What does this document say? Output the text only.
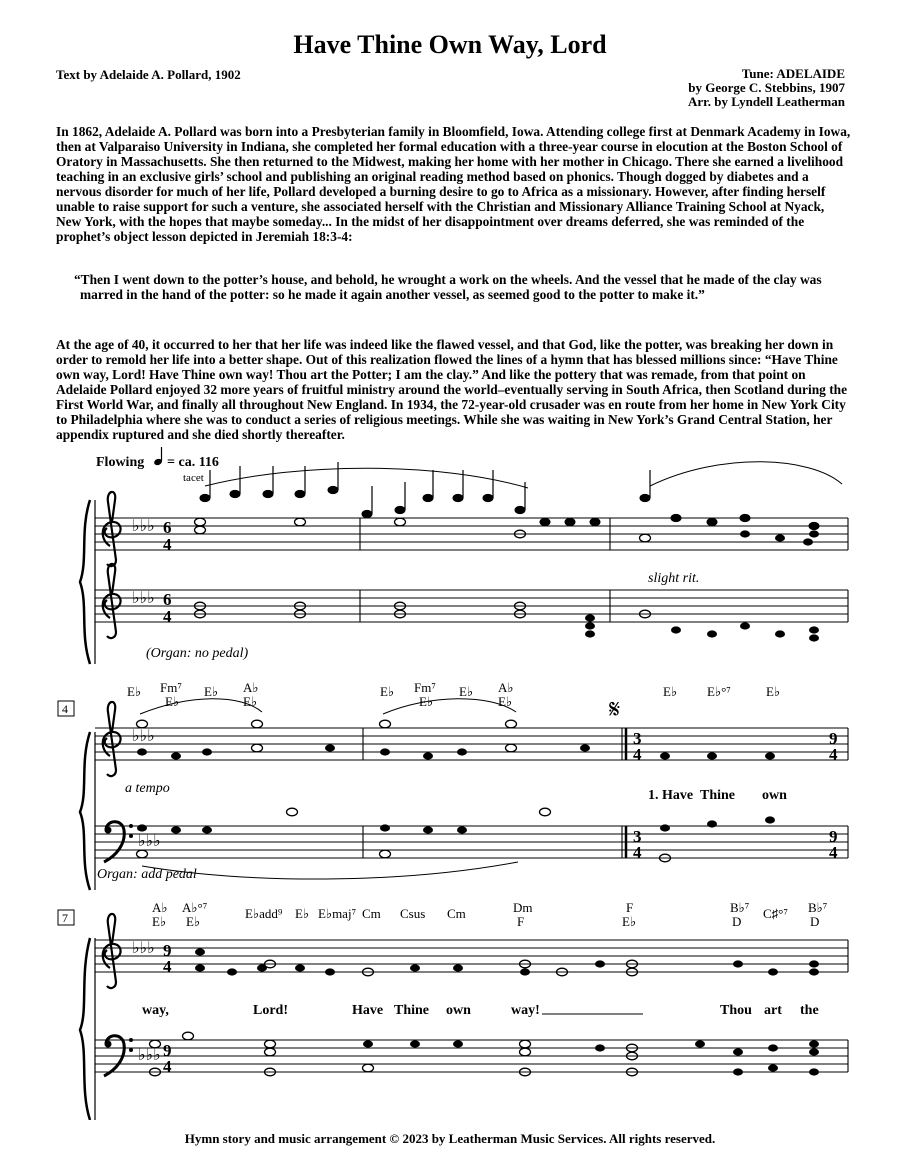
Have Thine Own Way, Lord
Text by Adelaide A. Pollard, 1902	Tune: ADELAIDE
by George C. Stebbins, 1907
Arr. by Lyndell Leatherman

In 1862, Adelaide A. Pollard was born into a Presbyterian family in Bloomfield, Iowa. Attending college first at Denmark Academy in Iowa, then at Valparaiso University in Indiana, she completed her formal education with a three-year course in elocution at the Boston School of Oratory in Massachusetts. She then returned to the Midwest, making her home with her mother in Chicago. There she earned a livelihood teaching in an exclusive girls’ school and publishing an original reading method based on phonics. Though dogged by diabetes and a nervous disorder for much of her life, Pollard developed a burning desire to go to Africa as a missionary. However, after finding herself unable to raise support for such a venture, she associated herself with the Christian and Missionary Alliance Training School at Nyack, New York, with the hopes that maybe someday... In the midst of her disappointment over dreams deferred, she was reminded of the prophet’s object lesson depicted in Jeremiah 18:3-4:

“Then I went down to the potter’s house, and behold, he wrought a work on the wheels. And the vessel that he made of the clay was marred in the hand of the potter: so he made it again another vessel, as seemed good to the potter to make it.”

At the age of 40, it occurred to her that her life was indeed like the flawed vessel, and that God, like the potter, was breaking her down in order to remold her life into a better shape. Out of this realization flowed the lines of a hymn that has blessed millions since: “Have Thine own way, Lord! Have Thine own way! Thou art the Potter; I am the clay.” And like the pottery that was remade, from that point on Adelaide Pollard enjoyed 32 more years of fruitful ministry around the world–eventually serving in South Africa, then Scotland during the First World War, and finally all throughout New England. In 1934, the 72-year-old crusader was en route from her home in New York City to Philadelphia where she was to conduct a series of religious meetings. While she was waiting in New York’s Grand Central Station, her appendix ruptured and she died shortly thereafter.

Flowing = ca. 116
tacet
♭♭♭ 6
4
slight rit.
♭♭♭ 6
4
(Organ: no pedal)
4
E♭ Fm⁷
E♭
E♭ A♭
E♭
E♭ Fm⁷
E♭
E♭ A♭
E♭
E♭ E♭°⁷	E♭
𝄋
♭♭♭
a tempo
3
4
9
4
1. Have Thine own
♭♭♭	3
4
9
4
Organ: add pedal
7
A♭
E♭
A♭°⁷
E♭
E♭add⁹ E♭ E♭maj⁷ Cm Csus Cm	Dm
F
F
E♭
B♭⁷
D
C♯°⁷ B♭⁷
D
♭♭♭ 9
4
way,	Lord!	Have Thine own	way!	Thou art the
♭♭♭ 9
4
Hymn story and music arrangement © 2023 by Leatherman Music Services. All rights reserved.
